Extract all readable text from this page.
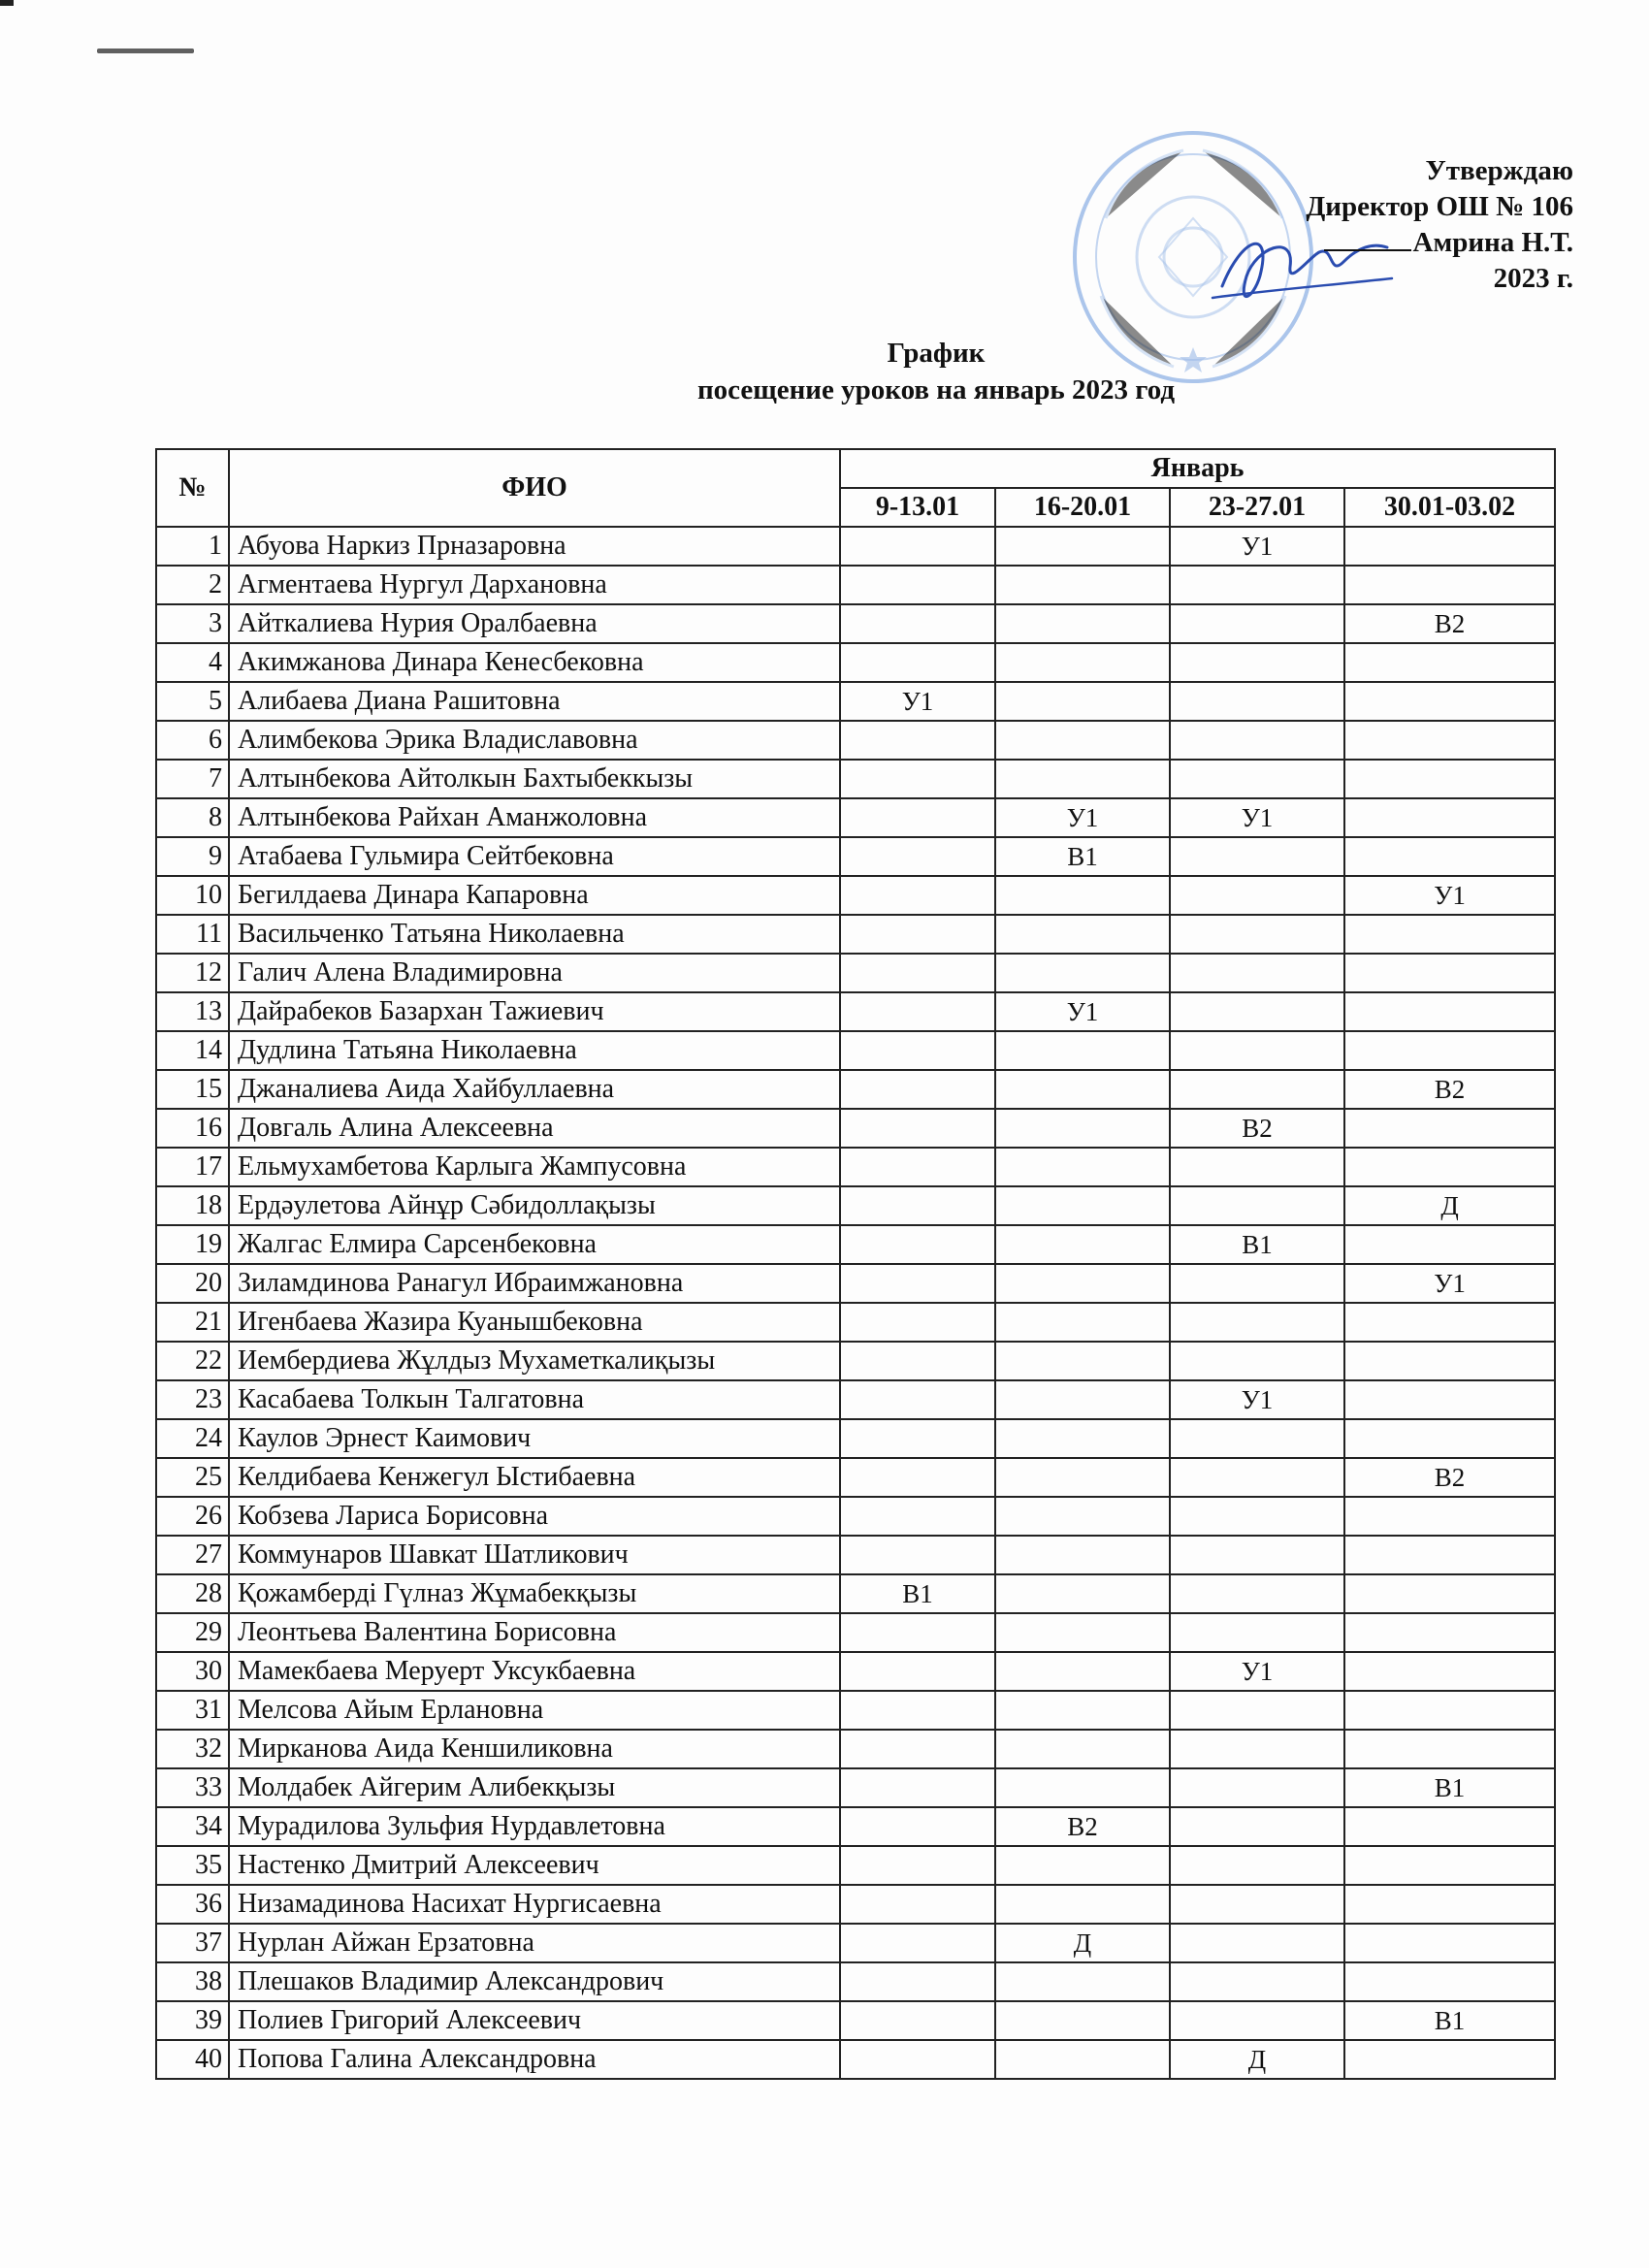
Утверждаю
Директор ОШ № 106
Амрина Н.Т.
2023 г.
График
посещение уроков на январь 2023 год
№	ФИО	Январь			
		9-13.01	16-20.01	23-27.01	30.01-03.02
1	Абуова Наркиз Прназаровна			У1	
2	Агментаева Нургул Дархановна				
3	Айткалиева Нурия Оралбаевна				В2
4	Акимжанова Динара Кенесбековна				
5	Алибаева Диана Рашитовна	У1			
6	Алимбекова Эрика Владиславовна				
7	Алтынбекова Айтолкын Бахтыбеккызы				
8	Алтынбекова Райхан Аманжоловна		У1	У1	
9	Атабаева Гульмира Сейтбековна		В1		
10	Бегилдаева Динара Капаровна				У1
11	Васильченко Татьяна Николаевна				
12	Галич Алена Владимировна				
13	Дайрабеков Базархан Тажиевич		У1		
14	Дудлина Татьяна Николаевна				
15	Джаналиева Аида Хайбуллаевна				В2
16	Довгаль Алина Алексеевна			В2	
17	Ельмухамбетова Карлыга Жампусовна				
18	Ердәулетова Айнұр Сәбидоллақызы				Д
19	Жалгас Елмира Сарсенбековна			В1	
20	Зиламдинова Ранагул Ибраимжановна				У1
21	Игенбаева Жазира Куанышбековна				
22	Иембердиева Жұлдыз Мухаметкалиқызы				
23	Касабаева Толкын Талгатовна			У1	
24	Каулов Эрнест Каимович				
25	Келдибаева Кенжегул Ыстибаевна				В2
26	Кобзева Лариса Борисовна				
27	Коммунаров Шавкат Шатликович				
28	Қожамберді Гүлназ Жұмабекқызы	В1			
29	Леонтьева Валентина Борисовна				
30	Мамекбаева Меруерт Уксукбаевна			У1	
31	Мелсова Айым Ерлановна				
32	Мирканова Аида Кеншиликовна				
33	Молдабек Айгерим Алибекқызы				В1
34	Мурадилова Зульфия Нурдавлетовна		В2		
35	Настенко Дмитрий Алексеевич				
36	Низамадинова Насихат Нургисаевна				
37	Нурлан Айжан Ерзатовна		Д		
38	Плешаков Владимир Александрович				
39	Полиев Григорий Алексеевич				В1
40	Попова Галина Александровна			Д	
